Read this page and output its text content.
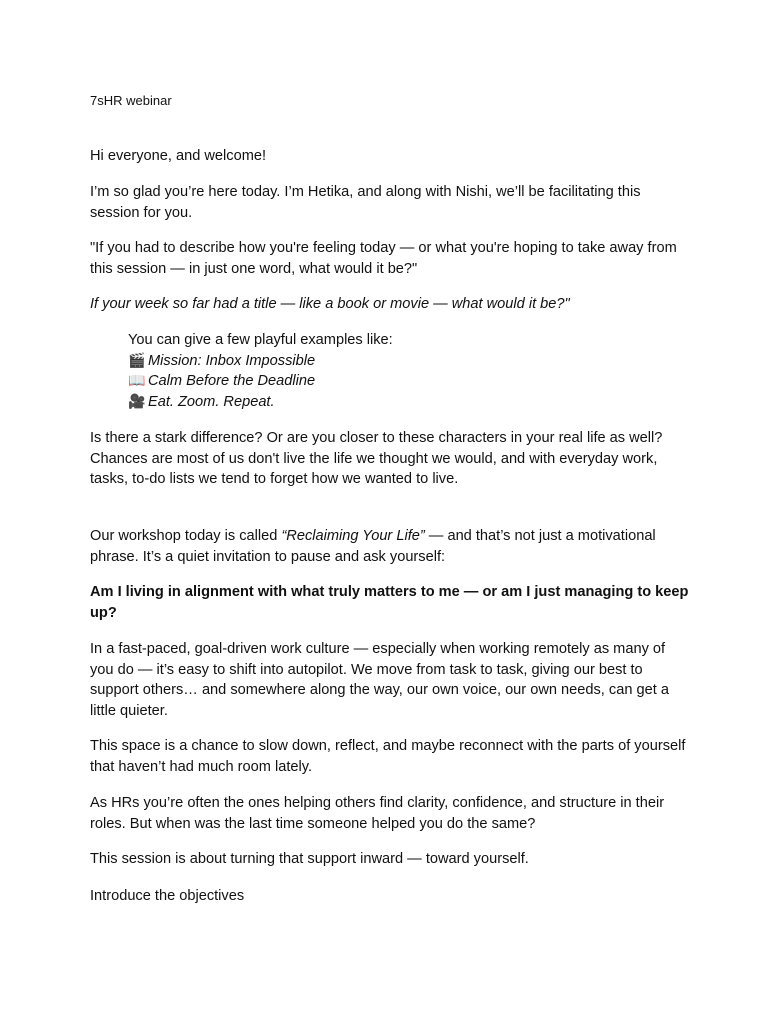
7sHR webinar

Hi everyone, and welcome!

I’m so glad you’re here today. I’m Hetika, and along with Nishi, we’ll be facilitating this session for you.

"If you had to describe how you're feeling today — or what you're hoping to take away from this session — in just one word, what would it be?"

If your week so far had a title — like a book or movie — what would it be?"

You can give a few playful examples like:
🎬 Mission: Inbox Impossible
📖 Calm Before the Deadline
🎥 Eat. Zoom. Repeat.

Is there a stark difference? Or are you closer to these characters in your real life as well? Chances are most of us don't live the life we thought we would, and with everyday work, tasks, to-do lists we tend to forget how we wanted to live.

Our workshop today is called “Reclaiming Your Life” — and that’s not just a motivational phrase. It’s a quiet invitation to pause and ask yourself:

Am I living in alignment with what truly matters to me — or am I just managing to keep up?

In a fast-paced, goal-driven work culture — especially when working remotely as many of you do — it’s easy to shift into autopilot. We move from task to task, giving our best to support others… and somewhere along the way, our own voice, our own needs, can get a little quieter.

This space is a chance to slow down, reflect, and maybe reconnect with the parts of yourself that haven’t had much room lately.

As HRs you’re often the ones helping others find clarity, confidence, and structure in their roles. But when was the last time someone helped you do the same?

This session is about turning that support inward — toward yourself.

Introduce the objectives
